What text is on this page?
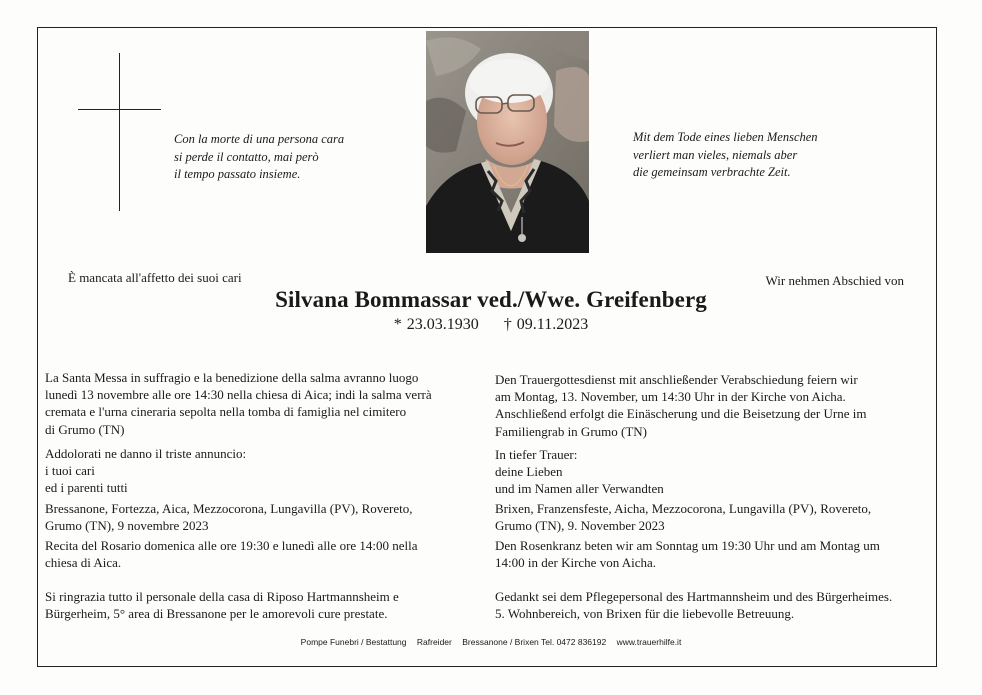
Con la morte di una persona cara
si perde il contatto, mai però
il tempo passato insieme.
Mit dem Tode eines lieben Menschen
verliert man vieles, niemals aber
die gemeinsam verbrachte Zeit.
È mancata all'affetto dei suoi cari	Wir nehmen Abschied von
Silvana Bommassar ved./Wwe. Greifenberg
* 23.03.1930 † 09.11.2023
La Santa Messa in suffragio e la benedizione della salma avranno luogo
lunedì 13 novembre alle ore 14:30 nella chiesa di Aica; indi la salma verrà
cremata e l'urna cineraria sepolta nella tomba di famiglia nel cimitero
di Grumo (TN)
Addolorati ne danno il triste annuncio:
i tuoi cari
ed i parenti tutti
Bressanone, Fortezza, Aica, Mezzocorona, Lungavilla (PV), Rovereto,
Grumo (TN), 9 novembre 2023
Recita del Rosario domenica alle ore 19:30 e lunedì alle ore 14:00 nella
chiesa di Aica.
Si ringrazia tutto il personale della casa di Riposo Hartmannsheim e
Bürgerheim, 5° area di Bressanone per le amorevoli cure prestate.
Den Trauergottesdienst mit anschließender Verabschiedung feiern wir
am Montag, 13. November, um 14:30 Uhr in der Kirche von Aicha.
Anschließend erfolgt die Einäscherung und die Beisetzung der Urne im
Familiengrab in Grumo (TN)
In tiefer Trauer:
deine Lieben
und im Namen aller Verwandten
Brixen, Franzensfeste, Aicha, Mezzocorona, Lungavilla (PV), Rovereto,
Grumo (TN), 9. November 2023
Den Rosenkranz beten wir am Sonntag um 19:30 Uhr und am Montag um
14:00 in der Kirche von Aicha.
Gedankt sei dem Pflegepersonal des Hartmannsheim und des Bürgerheimes.
5. Wohnbereich, von Brixen für die liebevolle Betreuung.
Pompe Funebri / Bestattung Rafreider Bressanone / Brixen Tel. 0472 836192 www.trauerhilfe.it
